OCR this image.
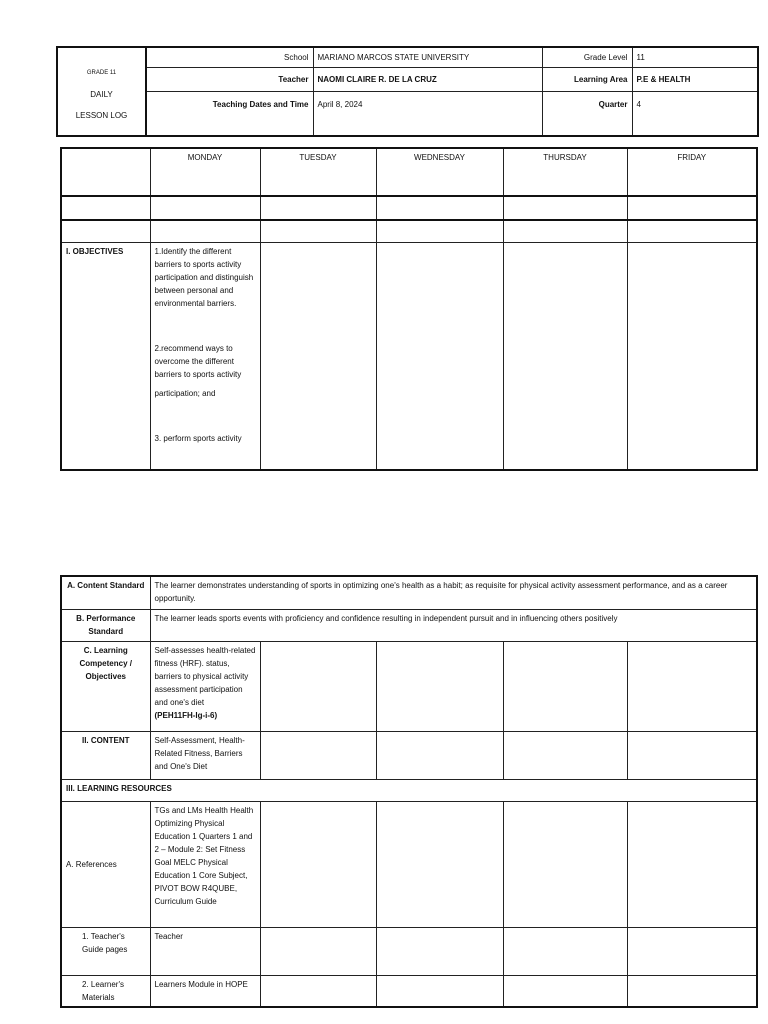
GRADE 11
DAILY
LESSON LOG	School	MARIANO MARCOS STATE UNIVERSITY	Grade Level	11
	Teacher	NAOMI CLAIRE R. DE LA CRUZ	Learning Area	P.E & HEALTH
	Teaching Dates and Time	April 8, 2024	Quarter	4
	MONDAY	TUESDAY	WEDNESDAY	THURSDAY	FRIDAY

I. OBJECTIVES	1.Identify the different barriers to sports activity participation and distinguish between personal and environmental barriers.
2.recommend ways to overcome the different barriers to sports activity
participation; and
3. perform sports activity				

A. Content Standard	The learner demonstrates understanding of sports in optimizing one's health as a habit; as requisite for physical activity assessment performance, and as a career opportunity.				
B. Performance Standard	The learner leads sports events with proficiency and confidence resulting in independent pursuit and in influencing others positively				
C. Learning Competency / Objectives	Self-assesses health-related fitness (HRF). status, barriers to physical activity assessment participation and one's diet
(PEH11FH-Ig-i-6)				

II. CONTENT	Self-Assessment, Health-Related Fitness, Barriers and One's Diet				
III. LEARNING RESOURCES					
A. References	TGs and LMs Health Health Optimizing Physical Education 1 Quarters 1 and 2 – Module 2: Set Fitness Goal MELC Physical Education 1 Core Subject, PIVOT BOW R4QUBE, Curriculum Guide				
1. Teacher's Guide pages	Teacher				
2. Learner's Materials	Learners Module in HOPE				
